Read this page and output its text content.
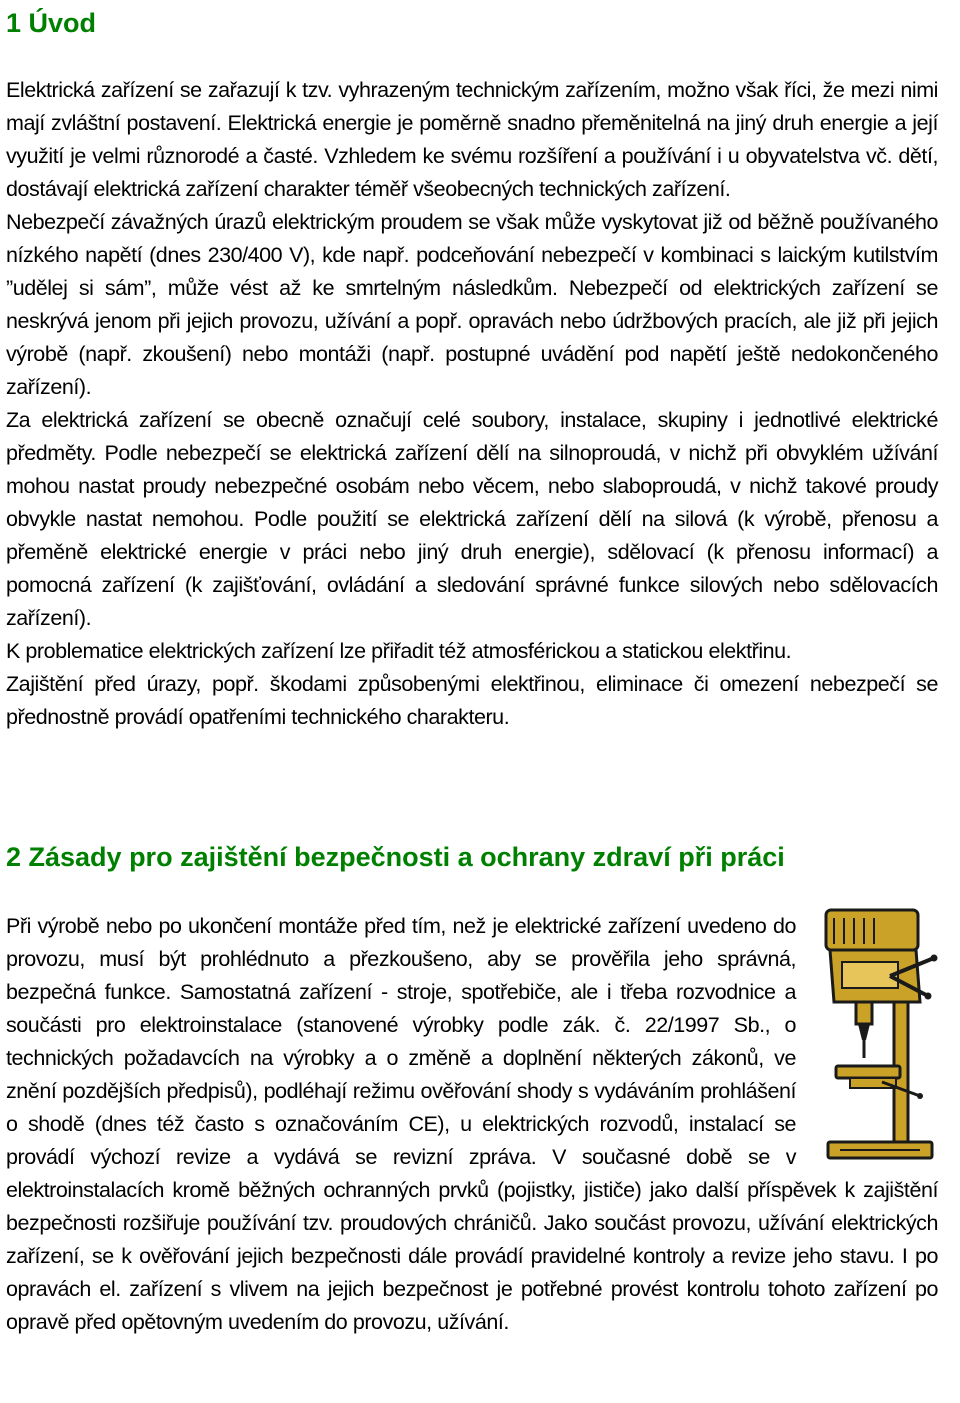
1 Úvod

Elektrická zařízení se zařazují k tzv. vyhrazeným technickým zařízením, možno však říci, že mezi nimi mají zvláštní postavení. Elektrická energie je poměrně snadno přeměnitelná na jiný druh energie a její využití je velmi různorodé a časté. Vzhledem ke svému rozšíření a používání i u obyvatelstva vč. dětí, dostávají elektrická zařízení charakter téměř všeobecných technických zařízení.

Nebezpečí závažných úrazů elektrickým proudem se však může vyskytovat již od běžně používaného nízkého napětí (dnes 230/400 V), kde např. podceňování nebezpečí v kombinaci s laickým kutilstvím ”udělej si sám”, může vést až ke smrtelným následkům. Nebezpečí od elektrických zařízení se neskrývá jenom při jejich provozu, užívání a popř. opravách nebo údržbových pracích, ale již při jejich výrobě (např. zkoušení) nebo montáži (např. postupné uvádění pod napětí ještě nedokončeného zařízení).

Za elektrická zařízení se obecně označují celé soubory, instalace, skupiny i jednotlivé elektrické předměty. Podle nebezpečí se elektrická zařízení dělí na silnoproudá, v nichž při obvyklém užívání mohou nastat proudy nebezpečné osobám nebo věcem, nebo slaboproudá, v nichž takové proudy obvykle nastat nemohou. Podle použití se elektrická zařízení dělí na silová (k výrobě, přenosu a přeměně elektrické energie v práci nebo jiný druh energie), sdělovací (k přenosu informací) a pomocná zařízení (k zajišťování, ovládání a sledování správné funkce silových nebo sdělovacích zařízení).

K problematice elektrických zařízení lze přiřadit též atmosférickou a statickou elektřinu.

Zajištění před úrazy, popř. škodami způsobenými elektřinou, eliminace či omezení nebezpečí se přednostně provádí opatřeními technického charakteru.

2 Zásady pro zajištění bezpečnosti a ochrany zdraví při práci

Při výrobě nebo po ukončení montáže před tím, než je elektrické zařízení uvedeno do provozu, musí být prohlédnuto a přezkoušeno, aby se prověřila jeho správná, bezpečná funkce. Samostatná zařízení - stroje, spotřebiče, ale i třeba rozvodnice a součásti pro elektroinstalace (stanovené výrobky podle zák. č. 22/1997 Sb., o technických požadavcích na výrobky a o změně a doplnění některých zákonů, ve znění pozdějších předpisů), podléhají režimu ověřování shody s vydáváním prohlášení o shodě (dnes též často s označováním CE), u elektrických rozvodů, instalací se provádí výchozí revize a vydává se revizní zpráva. V současné době se v elektroinstalacích kromě běžných ochranných prvků (pojistky, jističe) jako další příspěvek k zajištění bezpečnosti rozšiřuje používání tzv. proudových chráničů. Jako součást provozu, užívání elektrických zařízení, se k ověřování jejich bezpečnosti dále provádí pravidelné kontroly a revize jeho stavu. I po opravách el. zařízení s vlivem na jejich bezpečnost je potřebné provést kontrolu tohoto zařízení po opravě před opětovným uvedením do provozu, užívání.
